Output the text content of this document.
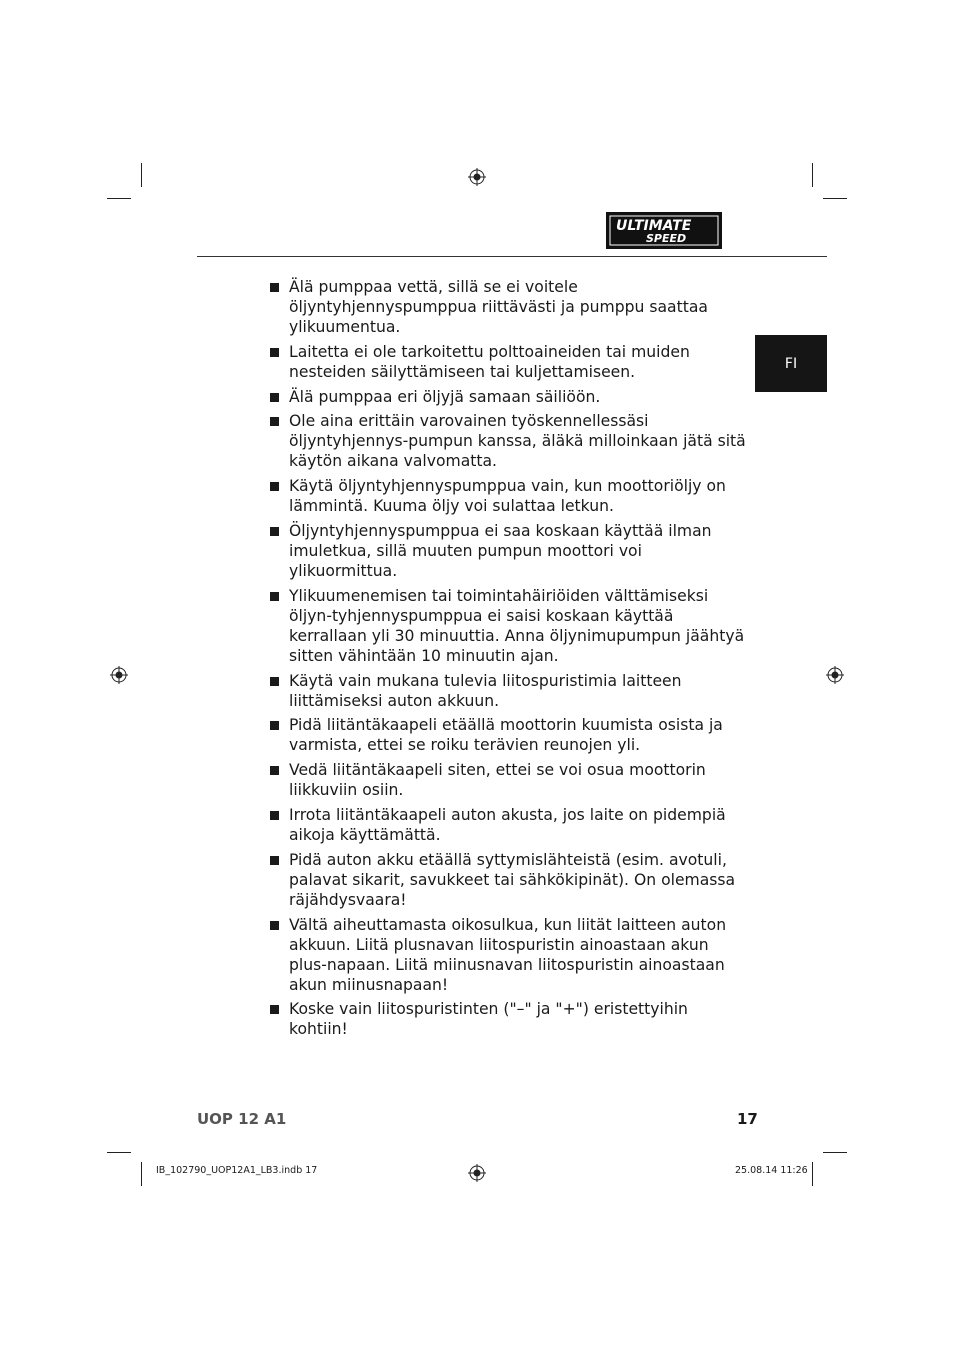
ULTIMATE
SPEED
FI
Älä pumppaa vettä, sillä se ei voitele öljyntyhjennyspumppua riittävästi ja pumppu saattaa ylikuumentua.
Laitetta ei ole tarkoitettu polttoaineiden tai muiden nesteiden säilyttämiseen tai kuljettamiseen.
Älä pumppaa eri öljyjä samaan säiliöön.
Ole aina erittäin varovainen työskennellessäsi öljyntyhjennys-pumpun kanssa, äläkä milloinkaan jätä sitä käytön aikana valvomatta.
Käytä öljyntyhjennyspumppua vain, kun moottoriöljy on lämmintä. Kuuma öljy voi sulattaa letkun.
Öljyntyhjennyspumppua ei saa koskaan käyttää ilman imuletkua, sillä muuten pumpun moottori voi ylikuormittua.
Ylikuumenemisen tai toimintahäiriöiden välttämiseksi öljyn-tyhjennyspumppua ei saisi koskaan käyttää kerrallaan yli 30 minuuttia. Anna öljynimupumpun jäähtyä sitten vähintään 10 minuutin ajan.
Käytä vain mukana tulevia liitospuristimia laitteen liittämiseksi auton akkuun.
Pidä liitäntäkaapeli etäällä moottorin kuumista osista ja varmista, ettei se roiku terävien reunojen yli.
Vedä liitäntäkaapeli siten, ettei se voi osua moottorin liikkuviin osiin.
Irrota liitäntäkaapeli auton akusta, jos laite on pidempiä aikoja käyttämättä.
Pidä auton akku etäällä syttymislähteistä (esim. avotuli, palavat sikarit, savukkeet tai sähkökipinät). On olemassa räjähdysvaara!
Vältä aiheuttamasta oikosulkua, kun liität laitteen auton akkuun. Liitä plusnavan liitospuristin ainoastaan akun plus-napaan. Liitä miinusnavan liitospuristin ainoastaan akun miinusnapaan!
Koske vain liitospuristinten ("–" ja "+") eristettyihin kohtiin!
UOP 12 A1	17
IB_102790_UOP12A1_LB3.indb 17	25.08.14 11:26
